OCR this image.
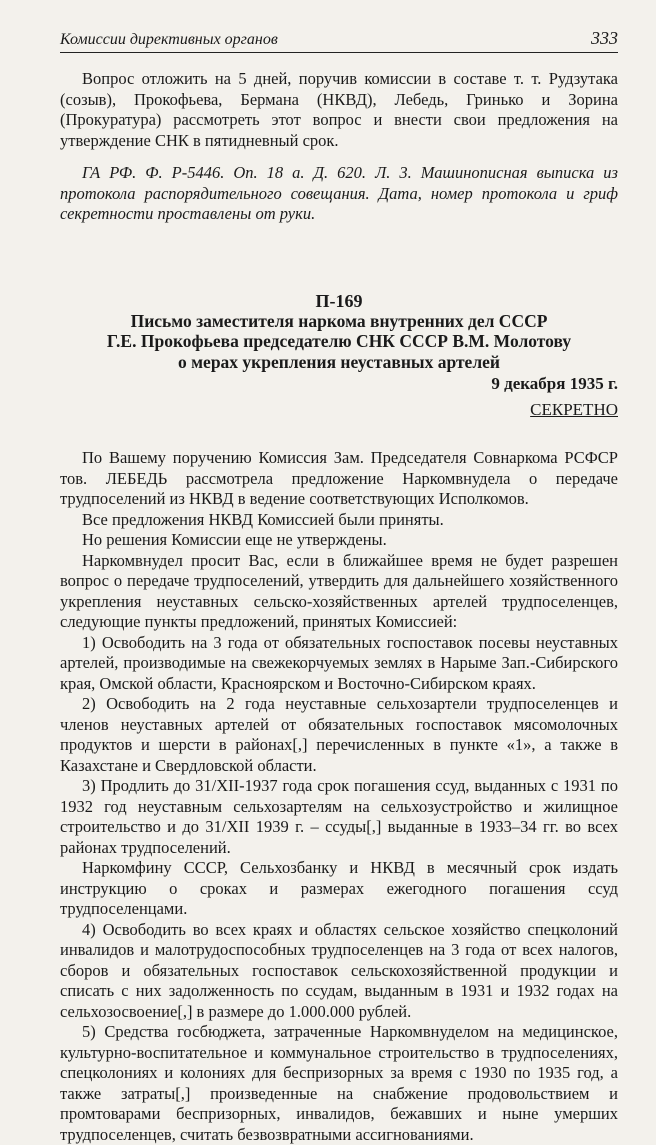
Комиссии директивных органов	333

Вопрос отложить на 5 дней, поручив комиссии в составе т. т. Рудзутака (созыв), Прокофьева, Бермана (НКВД), Лебедь, Гринько и Зорина (Прокуратура) рассмотреть этот вопрос и внести свои предложения на утверждение СНК в пятидневный срок.

ГА РФ. Ф. Р-5446. Оп. 18 а. Д. 620. Л. 3. Машинописная выписка из протокола распорядительного совещания. Дата, номер протокола и гриф секретности проставлены от руки.

П-169
Письмо заместителя наркома внутренних дел СССР
Г.Е. Прокофьева председателю СНК СССР В.М. Молотову
о мерах укрепления неуставных артелей
9 декабря 1935 г.
СЕКРЕТНО

По Вашему поручению Комиссия Зам. Председателя Совнаркома РСФСР тов. ЛЕБЕДЬ рассмотрела предложение Наркомвнудела о передаче трудпоселений из НКВД в ведение соответствующих Исполкомов.

Все предложения НКВД Комиссией были приняты.

Но решения Комиссии еще не утверждены.

Наркомвнудел просит Вас, если в ближайшее время не будет разрешен вопрос о передаче трудпоселений, утвердить для дальнейшего хозяйственного укрепления неуставных сельско-хозяйственных артелей трудпоселенцев, следующие пункты предложений, принятых Комиссией:

1) Освободить на 3 года от обязательных госпоставок посевы неуставных артелей, производимые на свежекорчуемых землях в Нарыме Зап.-Сибирского края, Омской области, Красноярском и Восточно-Сибирском краях.

2) Освободить на 2 года неуставные сельхозартели трудпоселенцев и членов неуставных артелей от обязательных госпоставок мясомолочных продуктов и шерсти в районах[,] перечисленных в пункте «1», а также в Казахстане и Свердловской области.

3) Продлить до 31/XII-1937 года срок погашения ссуд, выданных с 1931 по 1932 год неуставным сельхозартелям на сельхозустройство и жилищное строительство и до 31/XII 1939 г. – ссуды[,] выданные в 1933–34 гг. во всех районах трудпоселений.

Наркомфину СССР, Сельхозбанку и НКВД в месячный срок издать инструкцию о сроках и размерах ежегодного погашения ссуд трудпоселенцами.

4) Освободить во всех краях и областях сельское хозяйство спецколоний инвалидов и малотрудоспособных трудпоселенцев на 3 года от всех налогов, сборов и обязательных госпоставок сельскохозяйственной продукции и списать с них задолженность по ссудам, выданным в 1931 и 1932 годах на сельхозосвоение[,] в размере до 1.000.000 рублей.

5) Средства госбюджета, затраченные Наркомвнуделом на медицинское, культурно-воспитательное и коммунальное строительство в трудпоселениях, спецколониях и колониях для беспризорных за время с 1930 по 1935 год, а также затраты[,] произведенные на снабжение продовольствием и промтоварами беспризорных, инвалидов, бежавших и ныне умерших трудпоселенцев, считать безвозвратными ассигнованиями.
